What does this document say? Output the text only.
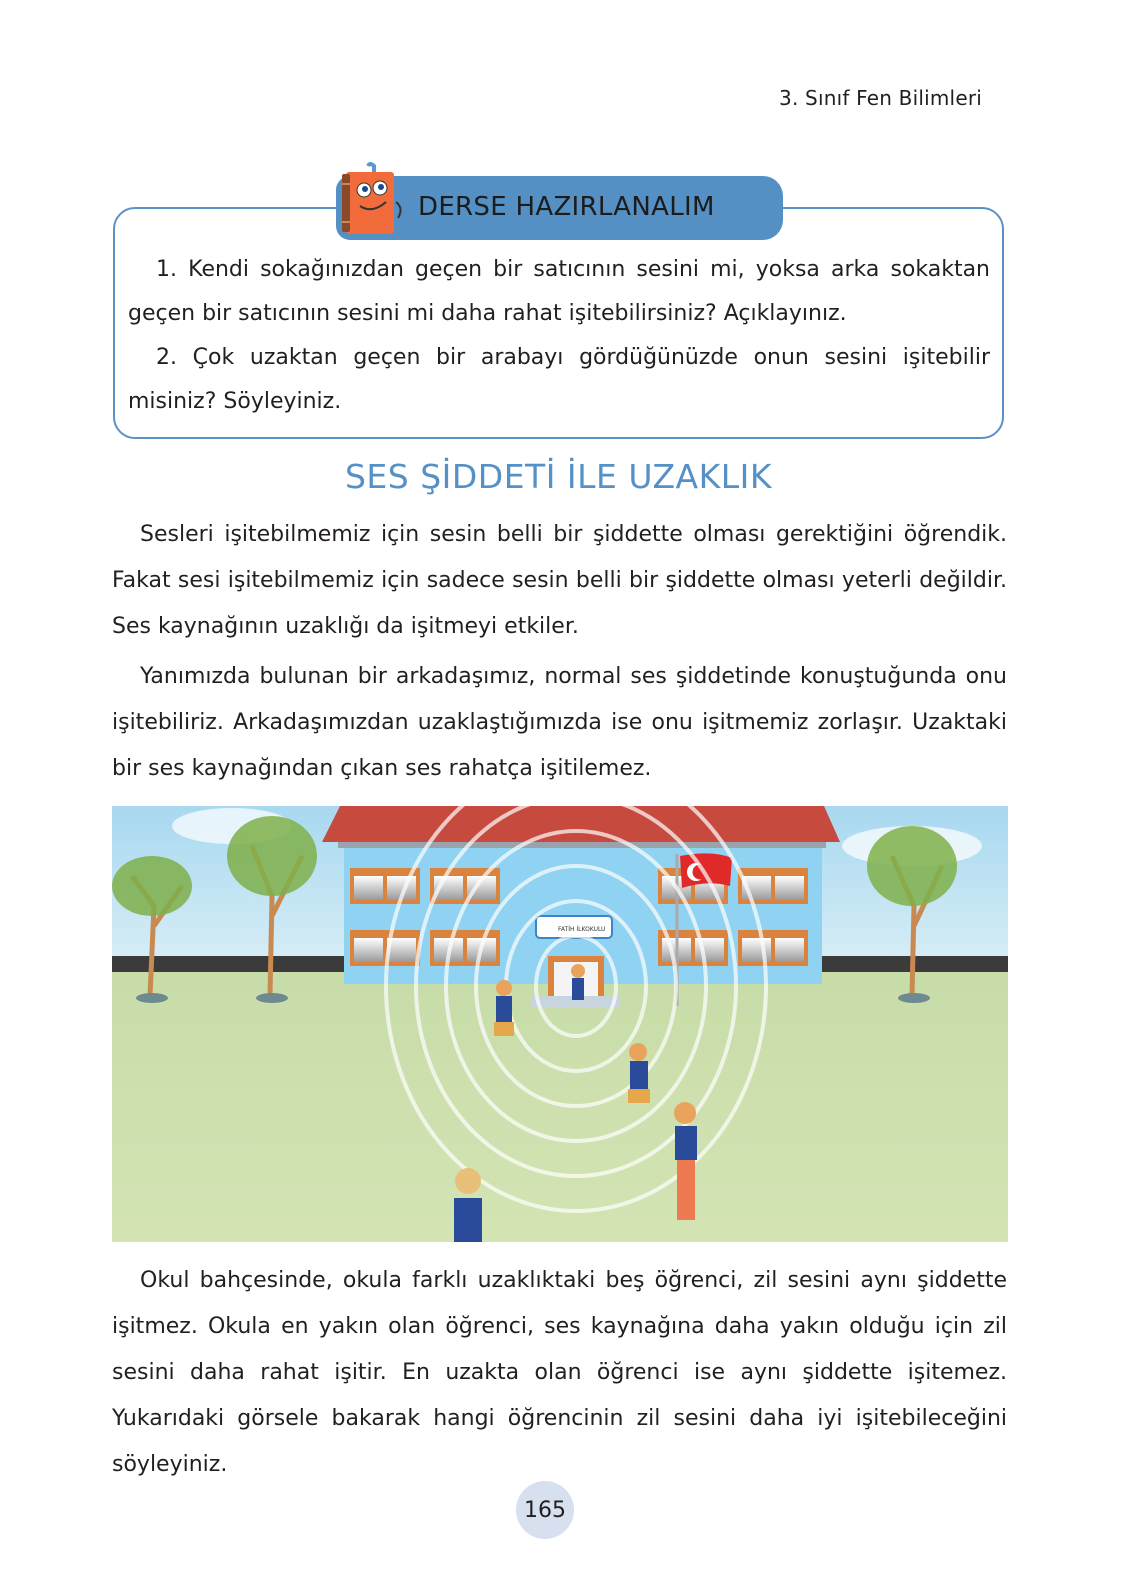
3. Sınıf Fen Bilimleri
DERSE HAZIRLANALIM

1. Kendi sokağınızdan geçen bir satıcının sesini mi, yoksa arka sokaktan geçen bir satıcının sesini mi daha rahat işitebilirsiniz? Açıklayınız.

2. Çok uzaktan geçen bir arabayı gördüğünüzde onun sesini işitebilir misiniz? Söyleyiniz.

SES ŞİDDETİ İLE UZAKLIK

Sesleri işitebilmemiz için sesin belli bir şiddette olması gerektiğini öğrendik. Fakat sesi işitebilmemiz için sadece sesin belli bir şiddette olması yeterli değildir. Ses kaynağının uzaklığı da işitmeyi etkiler.

Yanımızda bulunan bir arkadaşımız, normal ses şiddetinde konuştuğunda onu işitebiliriz. Arkadaşımızdan uzaklaştığımızda ise onu işitmemiz zorlaşır. Uzaktaki bir ses kaynağından çıkan ses rahatça işitilemez.

FATİH İLKOKULU

Okul bahçesinde, okula farklı uzaklıktaki beş öğrenci, zil sesini aynı şiddette işitmez. Okula en yakın olan öğrenci, ses kaynağına daha yakın olduğu için zil sesini daha rahat işitir. En uzakta olan öğrenci ise aynı şiddette işitemez. Yukarıdaki görsele bakarak hangi öğrencinin zil sesini daha iyi işitebileceğini söyleyiniz.

165
